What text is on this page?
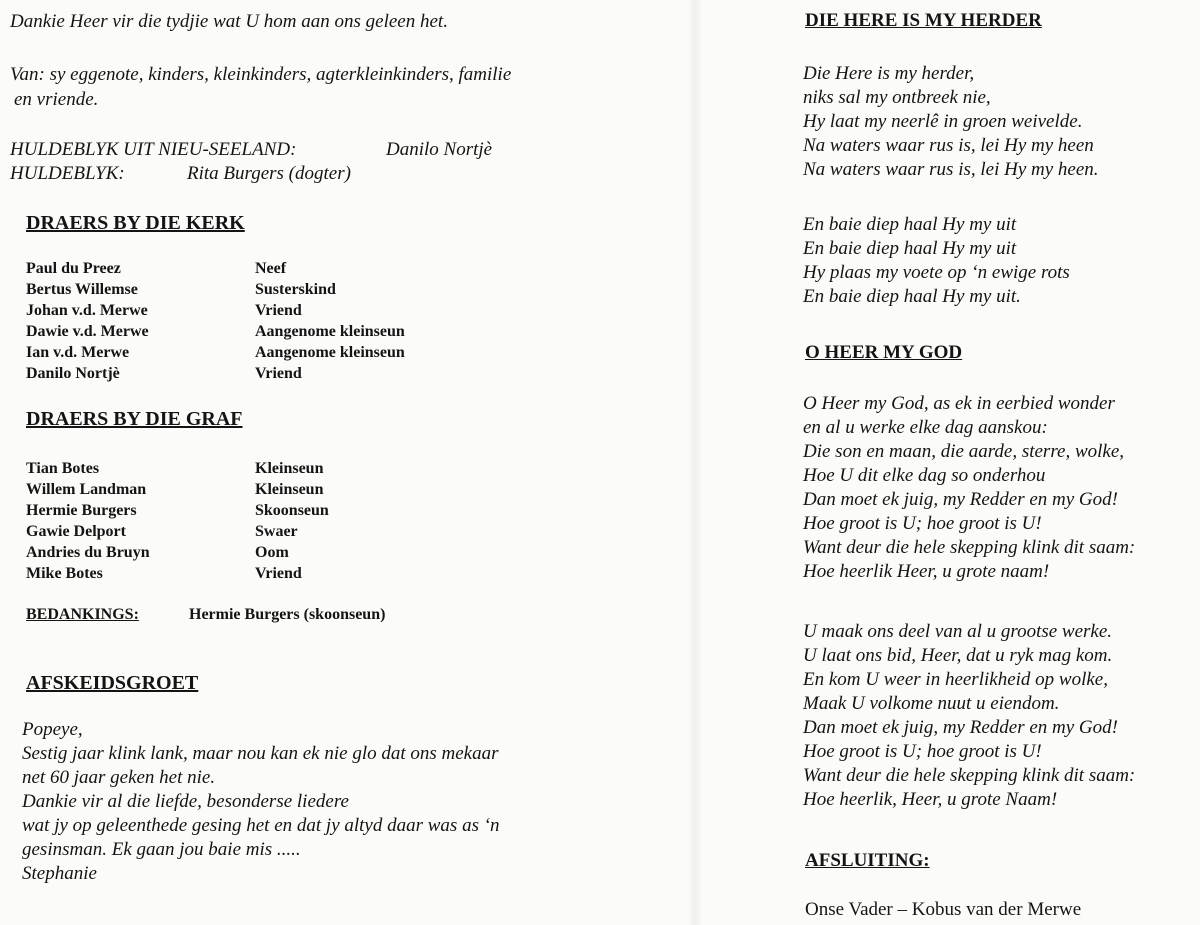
Dankie Heer vir die tydjie wat U hom aan ons geleen het.
Van: sy eggenote, kinders, kleinkinders, agterkleinkinders, familie
en vriende.
HULDEBLYK UIT NIEU-SEELAND:	Danilo Nortjè
HULDEBLYK:	Rita Burgers (dogter)
DRAERS BY DIE KERK
Paul du Preez	Neef
Bertus Willemse	Susterskind
Johan v.d. Merwe	Vriend
Dawie v.d. Merwe	Aangenome kleinseun
Ian v.d. Merwe	Aangenome kleinseun
Danilo Nortjè	Vriend
DRAERS BY DIE GRAF
Tian Botes	Kleinseun
Willem Landman	Kleinseun
Hermie Burgers	Skoonseun
Gawie Delport	Swaer
Andries du Bruyn	Oom
Mike Botes	Vriend
BEDANKINGS:	Hermie Burgers (skoonseun)
AFSKEIDSGROET
Popeye,
Sestig jaar klink lank, maar nou kan ek nie glo dat ons mekaar
net 60 jaar geken het nie.
Dankie vir al die liefde, besonderse liedere
wat jy op geleenthede gesing het en dat jy altyd daar was as ‘n
gesinsman. Ek gaan jou baie mis .....
Stephanie
DIE HERE IS MY HERDER
Die Here is my herder,
niks sal my ontbreek nie,
Hy laat my neerlê in groen weivelde.
Na waters waar rus is, lei Hy my heen
Na waters waar rus is, lei Hy my heen.
En baie diep haal Hy my uit
En baie diep haal Hy my uit
Hy plaas my voete op ‘n ewige rots
En baie diep haal Hy my uit.
O HEER MY GOD
O Heer my God, as ek in eerbied wonder
en al u werke elke dag aanskou:
Die son en maan, die aarde, sterre, wolke,
Hoe U dit elke dag so onderhou
Dan moet ek juig, my Redder en my God!
Hoe groot is U; hoe groot is U!
Want deur die hele skepping klink dit saam:
Hoe heerlik Heer, u grote naam!
U maak ons deel van al u grootse werke.
U laat ons bid, Heer, dat u ryk mag kom.
En kom U weer in heerlikheid op wolke,
Maak U volkome nuut u eiendom.
Dan moet ek juig, my Redder en my God!
Hoe groot is U; hoe groot is U!
Want deur die hele skepping klink dit saam:
Hoe heerlik, Heer, u grote Naam!
AFSLUITING:
Onse Vader – Kobus van der Merwe
